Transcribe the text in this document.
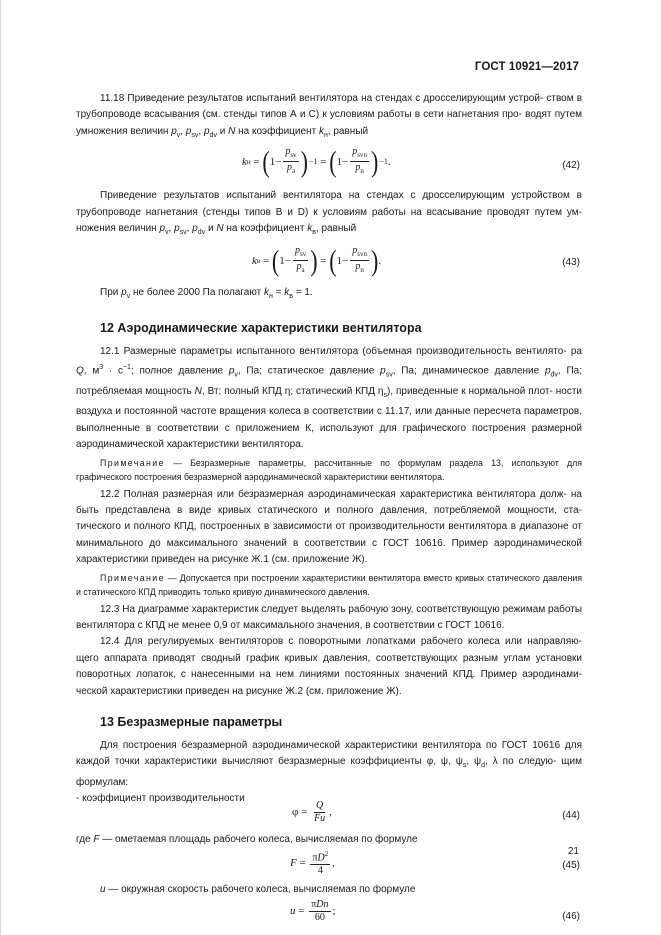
ГОСТ 10921—2017

11.18 Приведение результатов испытаний вентилятора на стендах с дросселирующим устрой- ством в трубопроводе всасывания (см. стенды типов А и С) к условиям работы в сети нагнетания про- водят путем умножения величин $p_v$, $p_{sv}$, $p_{dv}$ и N на коэффициент $k_н$, равный

k н = ( $1- \frac{p_{sv}}{p_a}$ ) −1 = ( $1- \frac{p_{svn}}{p_n}$ ) −1 .	(42)

Приведение результатов испытаний вентилятора на стендах с дросселирующим устройством в трубопроводе нагнетания (стенды типов В и D) к условиям работы на всасывание проводят путем ум- ножения величин $p_v$, $p_{sv}$, $p_{dv}$ и N на коэффициент $k_в$, равный

k в = ( $1- \frac{p_{sv}}{p_a}$ ) = ( $1- \frac{p_{svn}}{p_n}$ ) .	(43)

При $p_v$ не более 2000 Па полагают $k_н = k_в = 1$.

12 Аэродинамические характеристики вентилятора

12.1 Размерные параметры испытанного вентилятора (объемная производительность вентилято- ра Q, $м^3 \cdot с^{-1}$; полное давление $p_v$, Па; статическое давление $p_{sv}$, Па; динамическое давление $p_{dv}$, Па; потребляемая мощность N, Вт; полный КПД η; статический КПД $\eta_s$), приведенные к нормальной плот- ности воздуха и постоянной частоте вращения колеса в соответствии с 11.17, или данные пересчета параметров, выполненные в соответствии с приложением К, используют для графического построения размерной аэродинамической характеристики вентилятора.

Примечание — Безразмерные параметры, рассчитанные по формулам раздела 13, используют для графического построения безразмерной аэродинамической характеристики вентилятора.

12.2 Полная размерная или безразмерная аэродинамическая характеристика вентилятора долж- на быть представлена в виде кривых статического и полного давления, потребляемой мощности, ста- тического и полного КПД, построенных в зависимости от производительности вентилятора в диапазоне от минимального до максимального значений в соответствии с ГОСТ 10616. Пример аэродинамической характеристики приведен на рисунке Ж.1 (см. приложение Ж).

Примечание — Допускается при построении характеристики вентилятора вместо кривых статического давления и статического КПД приводить только кривую динамического давления.

12.3 На диаграмме характеристик следует выделять рабочую зону, соответствующую режимам работы вентилятора с КПД не менее 0,9 от максимального значения, в соответствии с ГОСТ 10616.

12.4 Для регулируемых вентиляторов с поворотными лопатками рабочего колеса или направляю- щего аппарата приводят сводный график кривых давления, соответствующих разным углам установки поворотных лопаток, с нанесенными на нем линиями постоянных значений КПД. Пример аэродинами- ческой характеристики приведен на рисунке Ж.2 (см. приложение Ж).

13 Безразмерные параметры

Для построения безразмерной аэродинамической характеристики вентилятора по ГОСТ 10616 для каждой точки характеристики вычисляют безразмерные коэффициенты φ, ψ, $\psi_s$, $\psi_d$, λ по следую- щим формулам:

- коэффициент производительности

$\varphi = \frac{Q}{Fu}$ ,	(44)

где F — ометаемая площадь рабочего колеса, вычисляемая по формуле

$F = \frac{\pi D^2}{4}$ ,	(45)

u — окружная скорость рабочего колеса, вычисляемая по формуле

$u = \frac{\text{πDn}}{60}$ ;	(46)
21
